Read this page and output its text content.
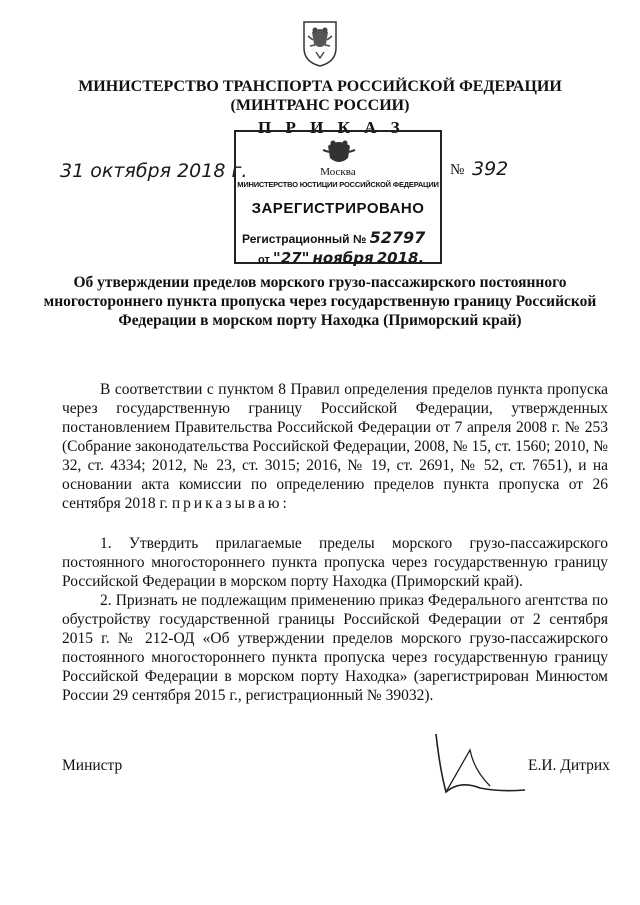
МИНИСТЕРСТВО ТРАНСПОРТА РОССИЙСКОЙ ФЕДЕРАЦИИ
(МИНТРАНС РОССИИ)
П Р И К А З
31 октября 2018 г.	№ 392
Москва
МИНИСТЕРСТВО ЮСТИЦИИ РОССИЙСКОЙ ФЕДЕРАЦИИ
ЗАРЕГИСТРИРОВАНО
Регистрационный № 52797
от "27" ноября 2018.
Об утверждении пределов морского грузо-пассажирского постоянного многостороннего пункта пропуска через государственную границу Российской Федерации в морском порту Находка (Приморский край)

В соответствии с пунктом 8 Правил определения пределов пункта пропуска через государственную границу Российской Федерации, утвержденных постановлением Правительства Российской Федерации от 7 апреля 2008 г. № 253 (Собрание законодательства Российской Федерации, 2008, № 15, ст. 1560; 2010, № 32, ст. 4334; 2012, № 23, ст. 3015; 2016, № 19, ст. 2691, № 52, ст. 7651), и на основании акта комиссии по определению пределов пункта пропуска от 26 сентября 2018 г. приказываю:

1. Утвердить прилагаемые пределы морского грузо-пассажирского постоянного многостороннего пункта пропуска через государственную границу Российской Федерации в морском порту Находка (Приморский край).

2. Признать не подлежащим применению приказ Федерального агентства по обустройству государственной границы Российской Федерации от 2 сентября 2015 г. № 212-ОД «Об утверждении пределов морского грузо-пассажирского постоянного многостороннего пункта пропуска через государственную границу Российской Федерации в морском порту Находка» (зарегистрирован Минюстом России 29 сентября 2015 г., регистрационный № 39032).

Министр	Е.И. Дитрих
